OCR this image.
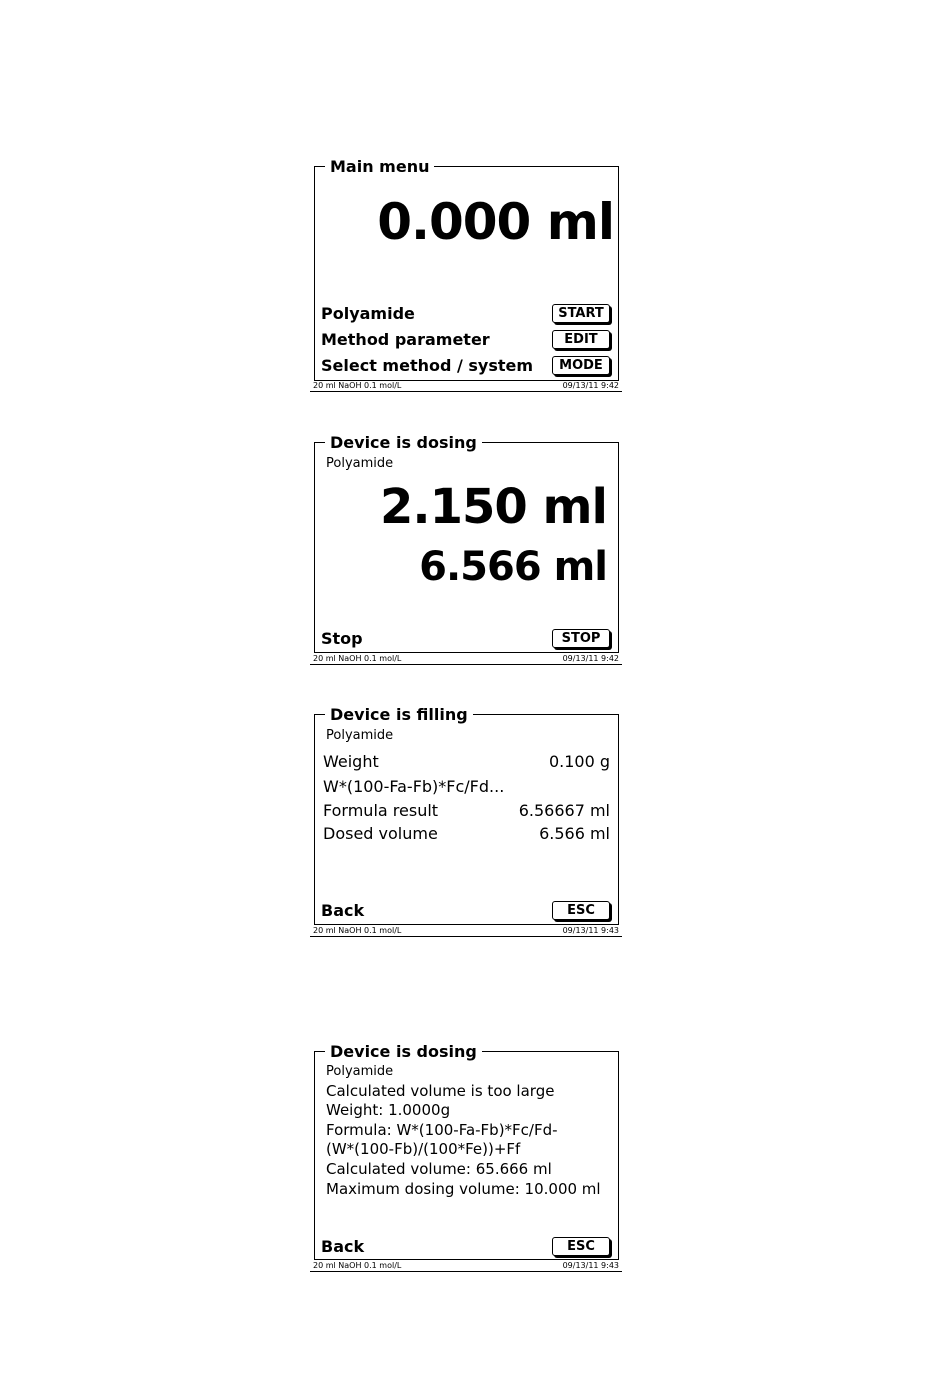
Main menu
0.000 ml
Polyamide	START
Method parameter	EDIT
Select method / system	MODE
20 ml NaOH 0.1 mol/L	09/13/11 9:42
Device is dosing
Polyamide
2.150 ml
6.566 ml
Stop	STOP
20 ml NaOH 0.1 mol/L	09/13/11 9:42
Device is filling
Polyamide
Weight	0.100 g
W*(100-Fa-Fb)*Fc/Fd...
Formula result	6.56667 ml
Dosed volume	6.566 ml
Back	ESC
20 ml NaOH 0.1 mol/L	09/13/11 9:43
Device is dosing
Polyamide
Calculated volume is too large
Weight: 1.0000g
Formula: W*(100-Fa-Fb)*Fc/Fd-
(W*(100-Fb)/(100*Fe))+Ff
Calculated volume: 65.666 ml
Maximum dosing volume: 10.000 ml
Back	ESC
20 ml NaOH 0.1 mol/L	09/13/11 9:43
